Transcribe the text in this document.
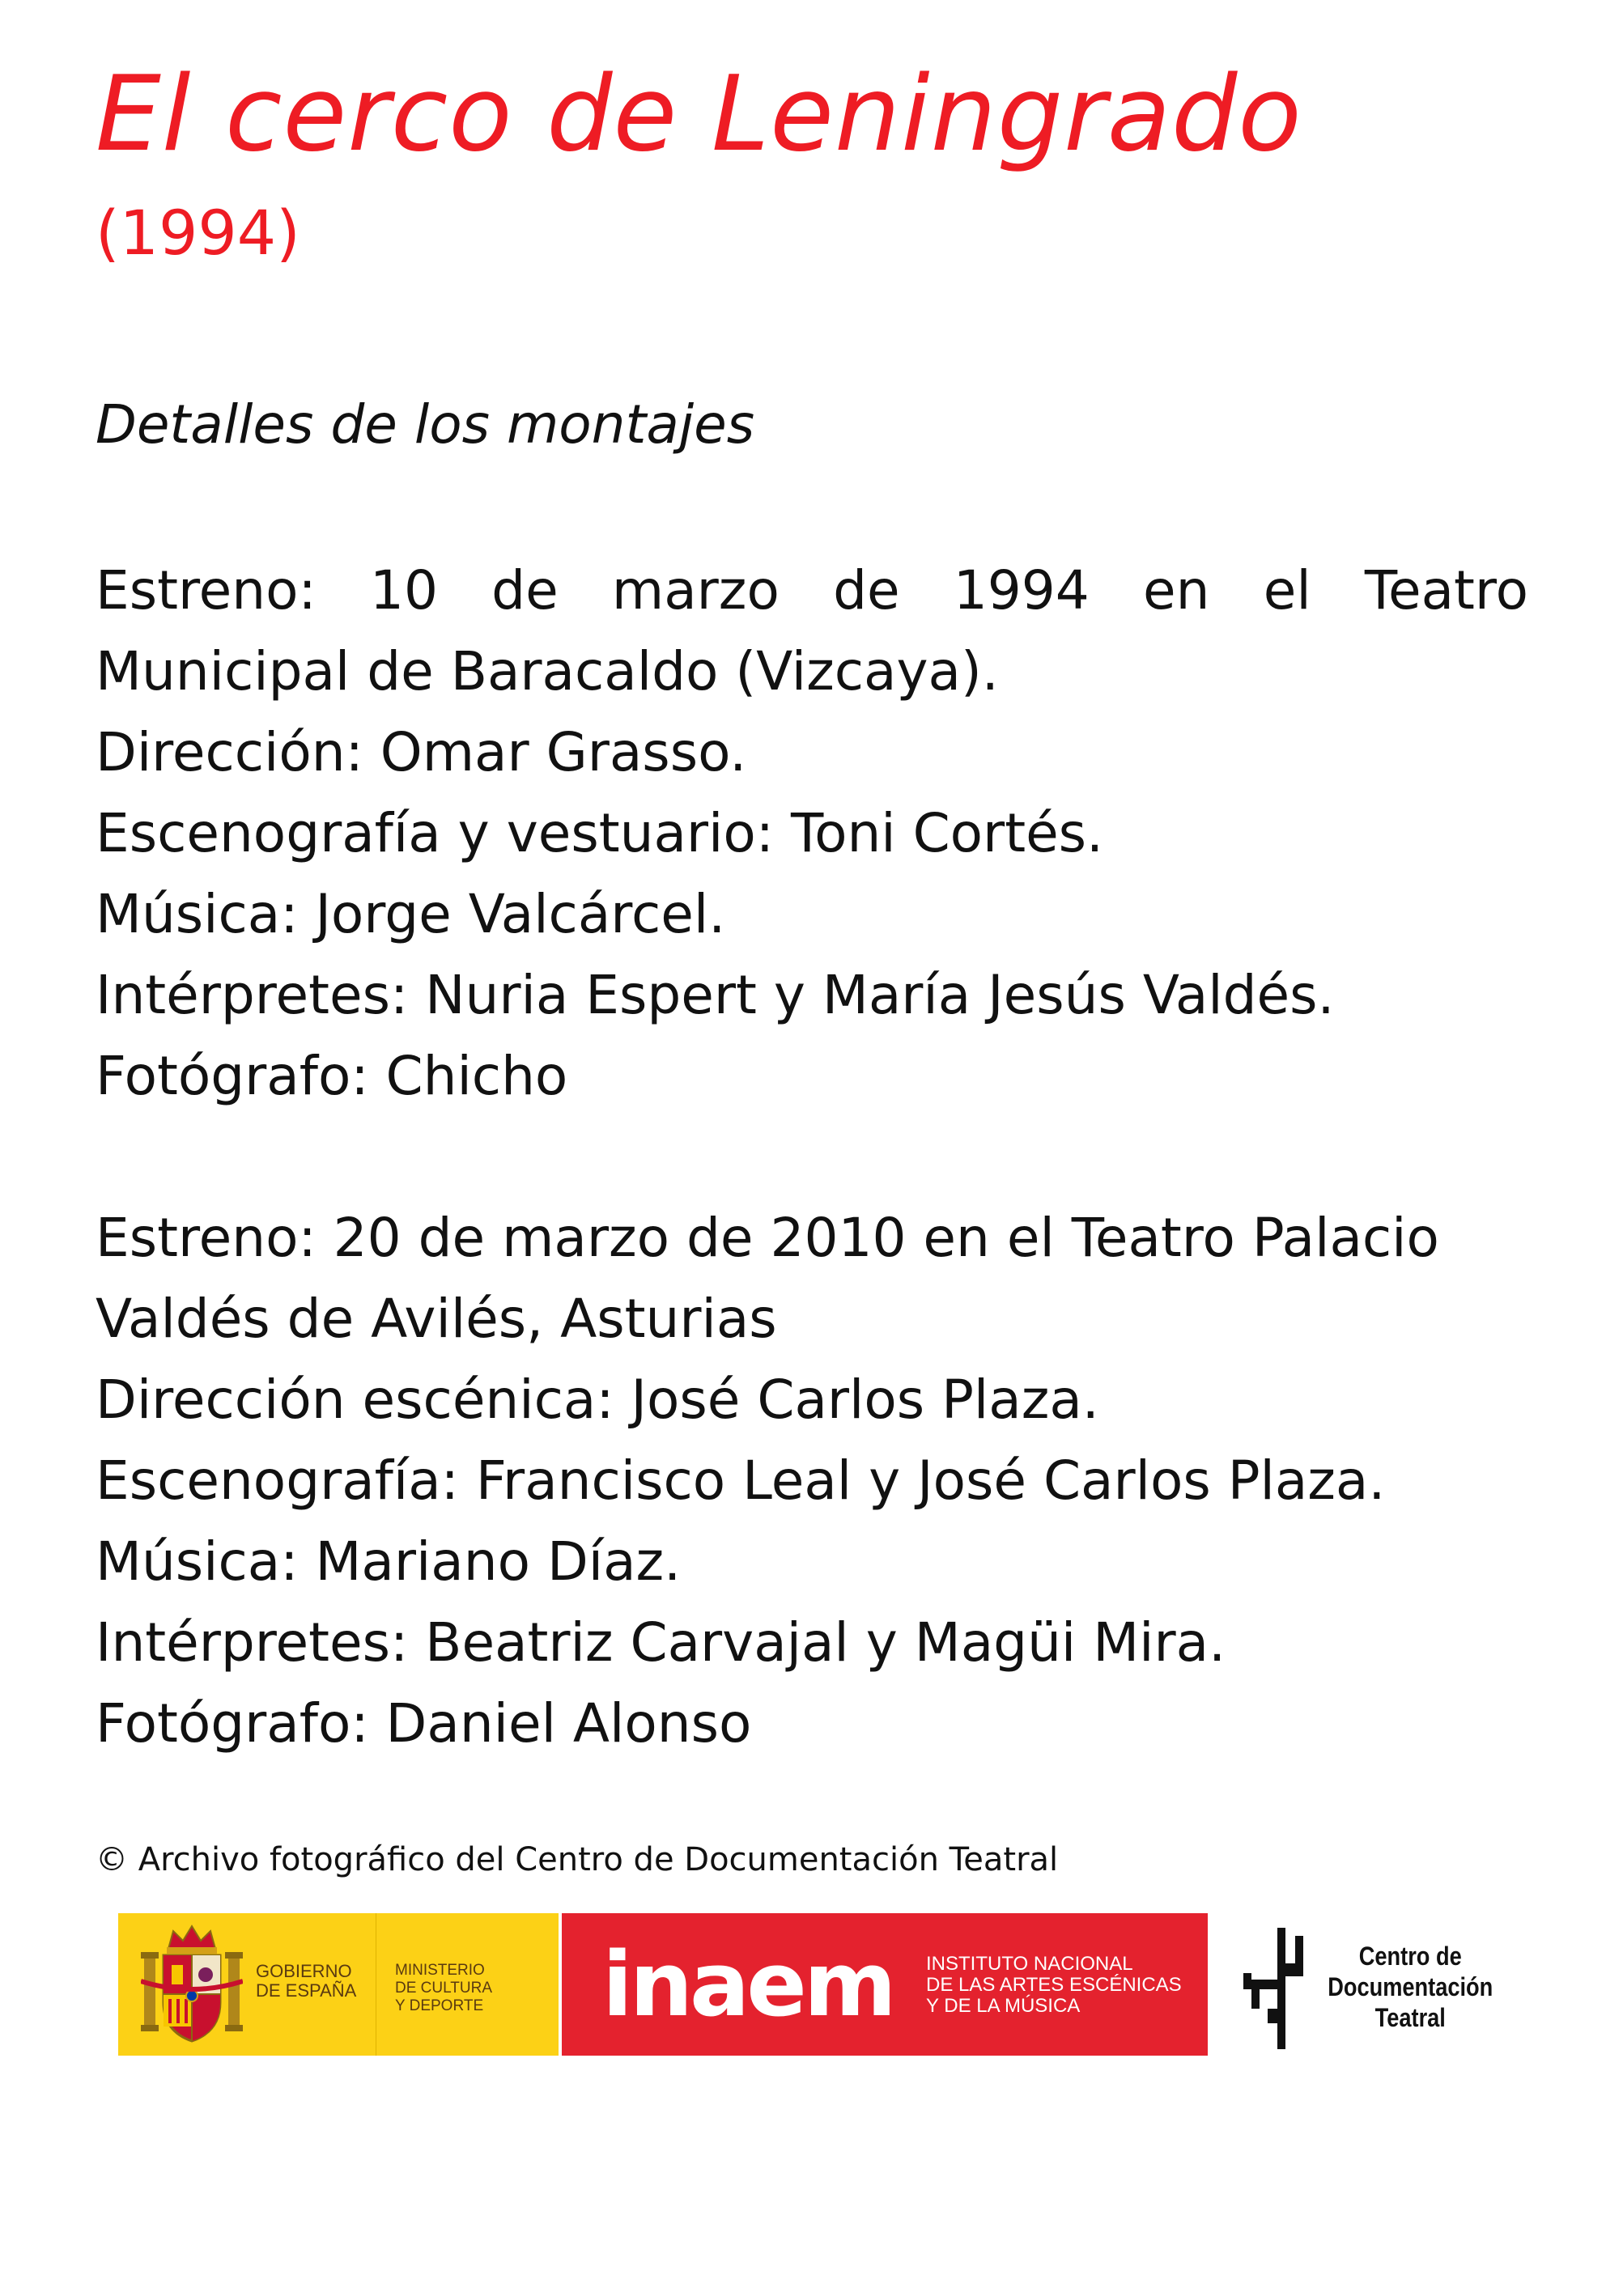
El cerco de Leningrado
(1994)
Detalles de los montajes
Estreno: 10 de marzo de 1994 en el Teatro
Municipal de Baracaldo (Vizcaya).
Dirección: Omar Grasso.
Escenografía y vestuario: Toni Cortés.
Música: Jorge Valcárcel.
Intérpretes: Nuria Espert y María Jesús Valdés.
Fotógrafo: Chicho
Estreno: 20 de marzo de 2010 en el Teatro Palacio
Valdés de Avilés, Asturias
Dirección escénica: José Carlos Plaza.
Escenografía: Francisco Leal y José Carlos Plaza.
Música: Mariano Díaz.
Intérpretes: Beatriz Carvajal y Magüi Mira.
Fotógrafo: Daniel Alonso
© Archivo fotográfico del Centro de Documentación Teatral
GOBIERNO
DE ESPAÑA
MINISTERIO
DE CULTURA
Y DEPORTE inaem INSTITUTO NACIONAL
DE LAS ARTES ESCÉNICAS
Y DE LA MÚSICA
Centro de
Documentación
Teatral
